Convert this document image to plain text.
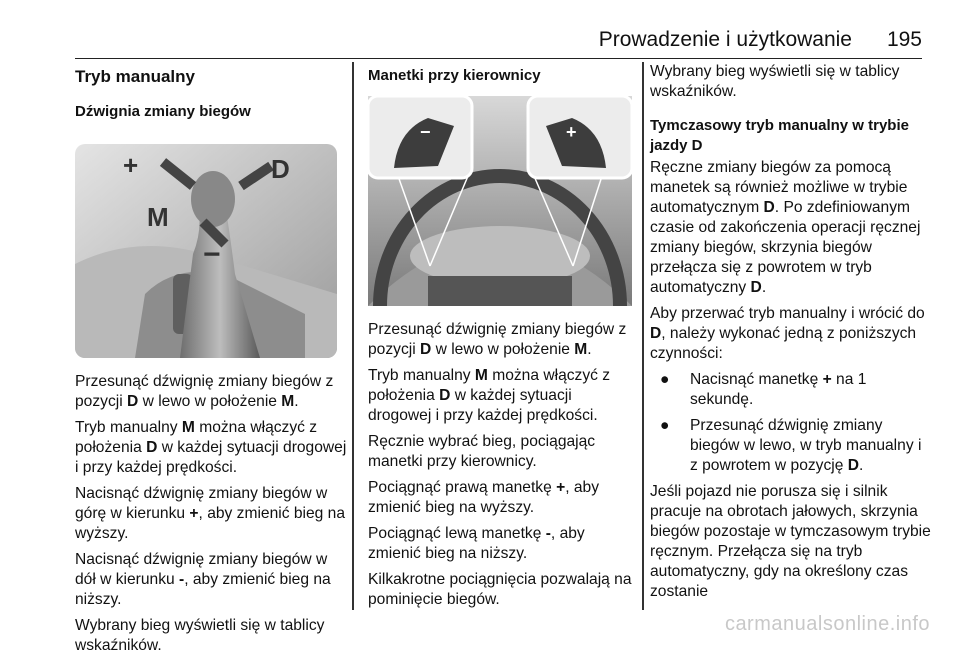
Prowadzenie i użytkowanie 195
Tryb manualny
Dźwignia zmiany biegów
+	D
M
−

Przesunąć dźwignię zmiany biegów z pozycji D w lewo w położenie M.

Tryb manualny M można włączyć z położenia D w każdej sytuacji drogowej i przy każdej prędkości.

Nacisnąć dźwignię zmiany biegów w górę w kierunku +, aby zmienić bieg na wyższy.

Nacisnąć dźwignię zmiany biegów w dół w kierunku -, aby zmienić bieg na niższy.

Wybrany bieg wyświetli się w tablicy wskaźników.

Manetki przy kierownicy
−	+

Przesunąć dźwignię zmiany biegów z pozycji D w lewo w położenie M.

Tryb manualny M można włączyć z położenia D w każdej sytuacji drogowej i przy każdej prędkości.

Ręcznie wybrać bieg, pociągając manetki przy kierownicy.

Pociągnąć prawą manetkę +, aby zmienić bieg na wyższy.

Pociągnąć lewą manetkę -, aby zmienić bieg na niższy.

Kilkakrotne pociągnięcia pozwalają na pominięcie biegów.

Wybrany bieg wyświetli się w tablicy wskaźników.

Tymczasowy tryb manualny w trybie jazdy D

Ręczne zmiany biegów za pomocą manetek są również możliwe w trybie automatycznym D. Po zdefiniowanym czasie od zakończenia operacji ręcznej zmiany biegów, skrzynia biegów przełącza się z powrotem w tryb automatyczny D.

Aby przerwać tryb manualny i wrócić do D, należy wykonać jedną z poniższych czynności:

● Nacisnąć manetkę + na 1 sekundę.
● Przesunąć dźwignię zmiany biegów w lewo, w tryb manualny i z powrotem w pozycję D.

Jeśli pojazd nie porusza się i silnik pracuje na obrotach jałowych, skrzynia biegów pozostaje w tymczasowym trybie ręcznym. Przełącza się na tryb automatyczny, gdy na określony czas zostanie

carmanualsonline.info
